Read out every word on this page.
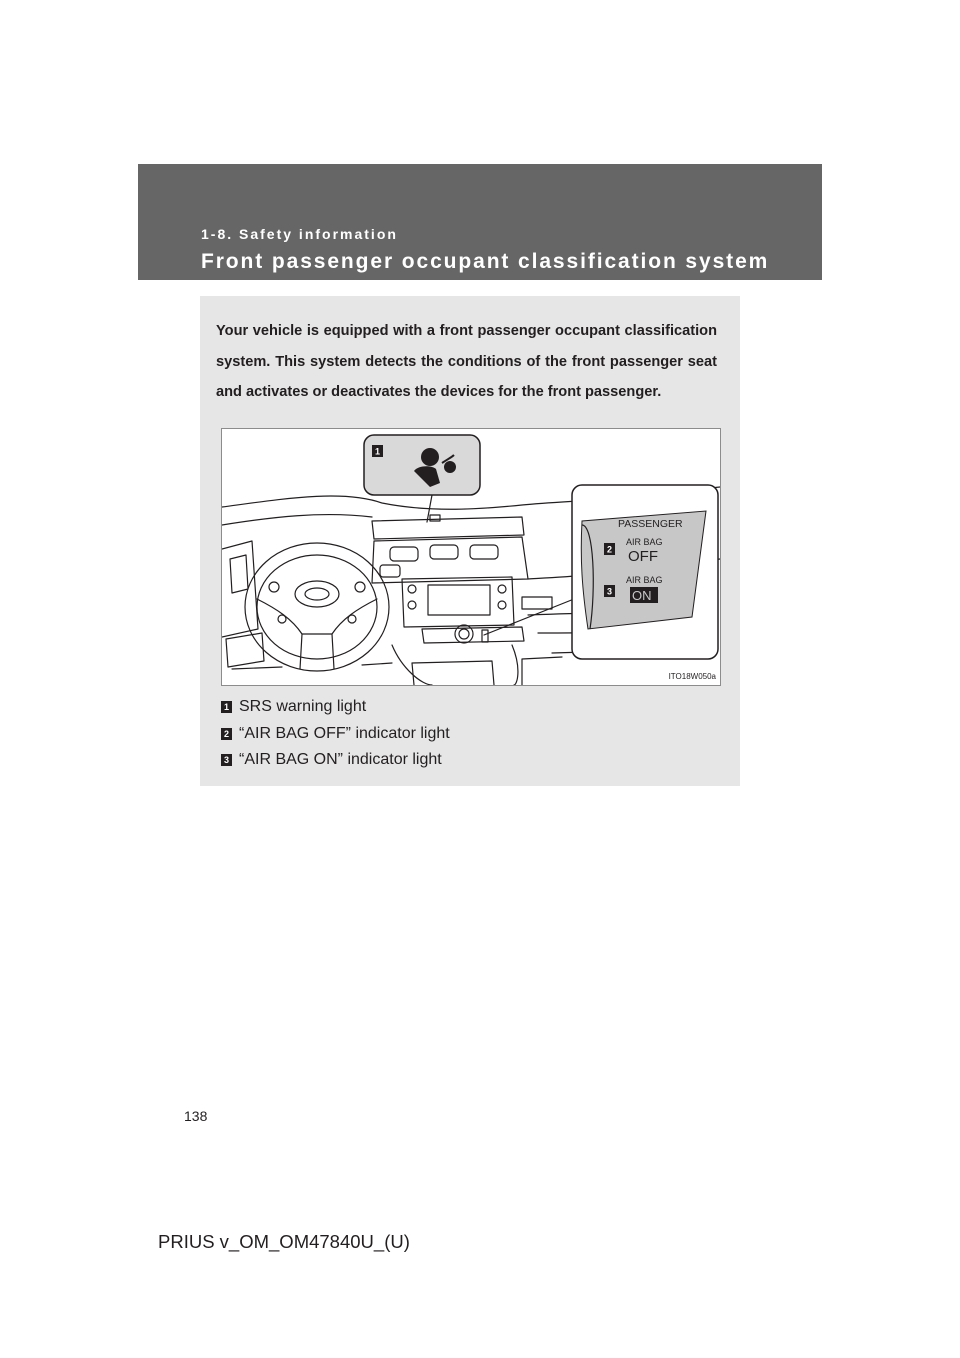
1-8. Safety information
Front passenger occupant classification system

Your vehicle is equipped with a front passenger occupant classification system. This system detects the conditions of the front passenger seat and activates or deactivates the devices for the front passenger.

1
2
3
PASSENGER
AIR BAG
OFF
AIR BAG
ON
ITO18W050a
1 SRS warning light
2 “AIR BAG OFF” indicator light
3 “AIR BAG ON” indicator light
138
PRIUS v_OM_OM47840U_(U)
